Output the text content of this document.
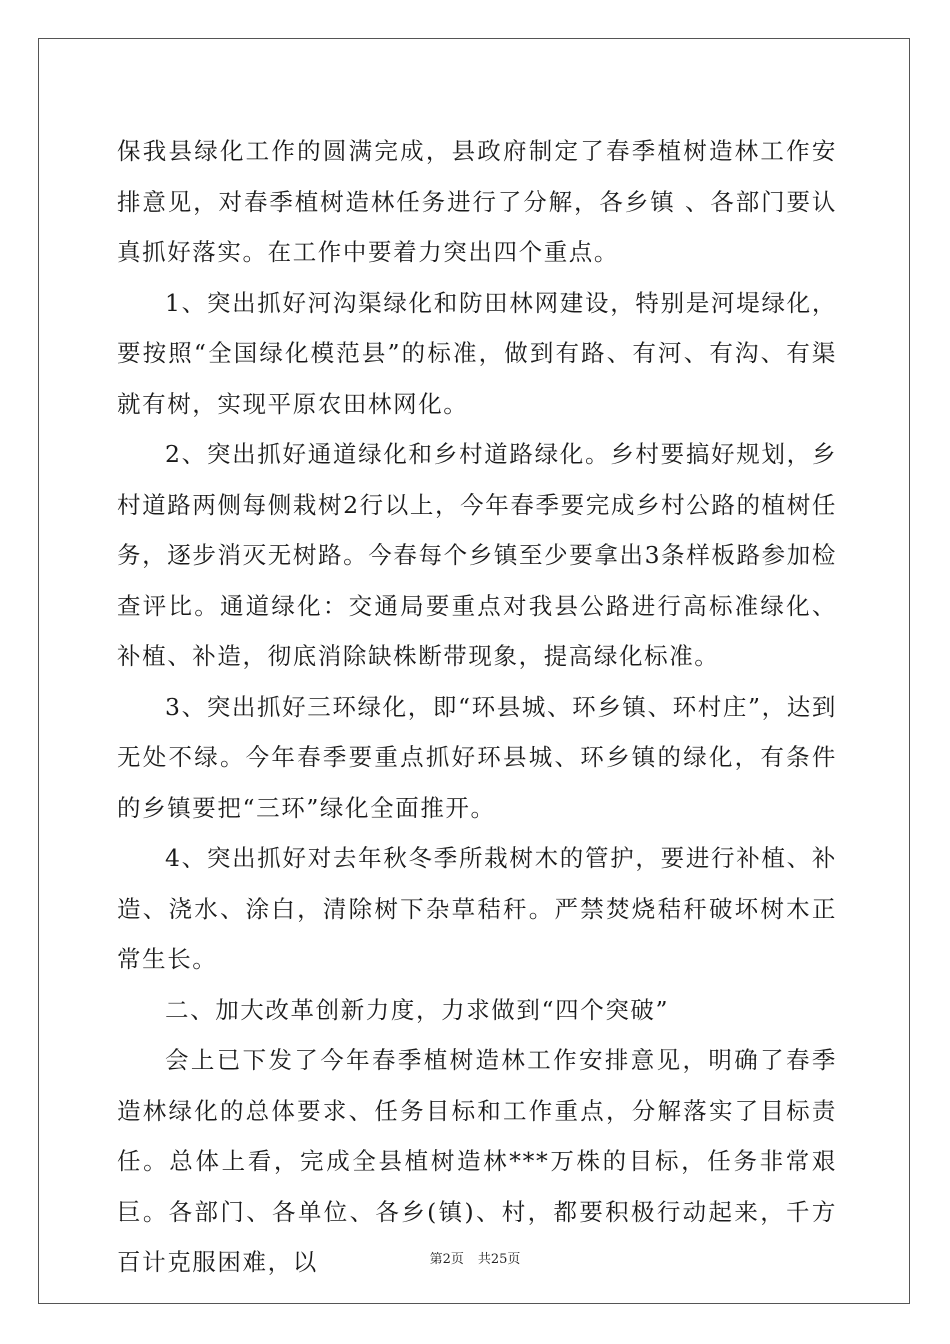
保我县绿化工作的圆满完成，县政府制定了春季植树造林工作安排意见，对春季植树造林任务进行了分解，各乡镇 、各部门要认真抓好落实。在工作中要着力突出四个重点。

1、突出抓好河沟渠绿化和防田林网建设，特别是河堤绿化，要按照“全国绿化模范县”的标准，做到有路、有河、有沟、有渠就有树，实现平原农田林网化。

2、突出抓好通道绿化和乡村道路绿化。乡村要搞好规划，乡村道路两侧每侧栽树2行以上，今年春季要完成乡村公路的植树任务，逐步消灭无树路。今春每个乡镇至少要拿出3条样板路参加检查评比。通道绿化：交通局要重点对我县公路进行高标准绿化、补植、补造，彻底消除缺株断带现象，提高绿化标准。

3、突出抓好三环绿化，即“环县城、环乡镇、环村庄”，达到无处不绿。今年春季要重点抓好环县城、环乡镇的绿化，有条件的乡镇要把“三环”绿化全面推开。

4、突出抓好对去年秋冬季所栽树木的管护，要进行补植、补造、浇水、涂白，清除树下杂草秸秆。严禁焚烧秸秆破坏树木正常生长。

二、加大改革创新力度，力求做到“四个突破”

会上已下发了今年春季植树造林工作安排意见，明确了春季造林绿化的总体要求、任务目标和工作重点，分解落实了目标责任。总体上看，完成全县植树造林***万株的目标，任务非常艰巨。各部门、各单位、各乡(镇)、村，都要积极行动起来，千方百计克服困难，以	第2页 共25页
